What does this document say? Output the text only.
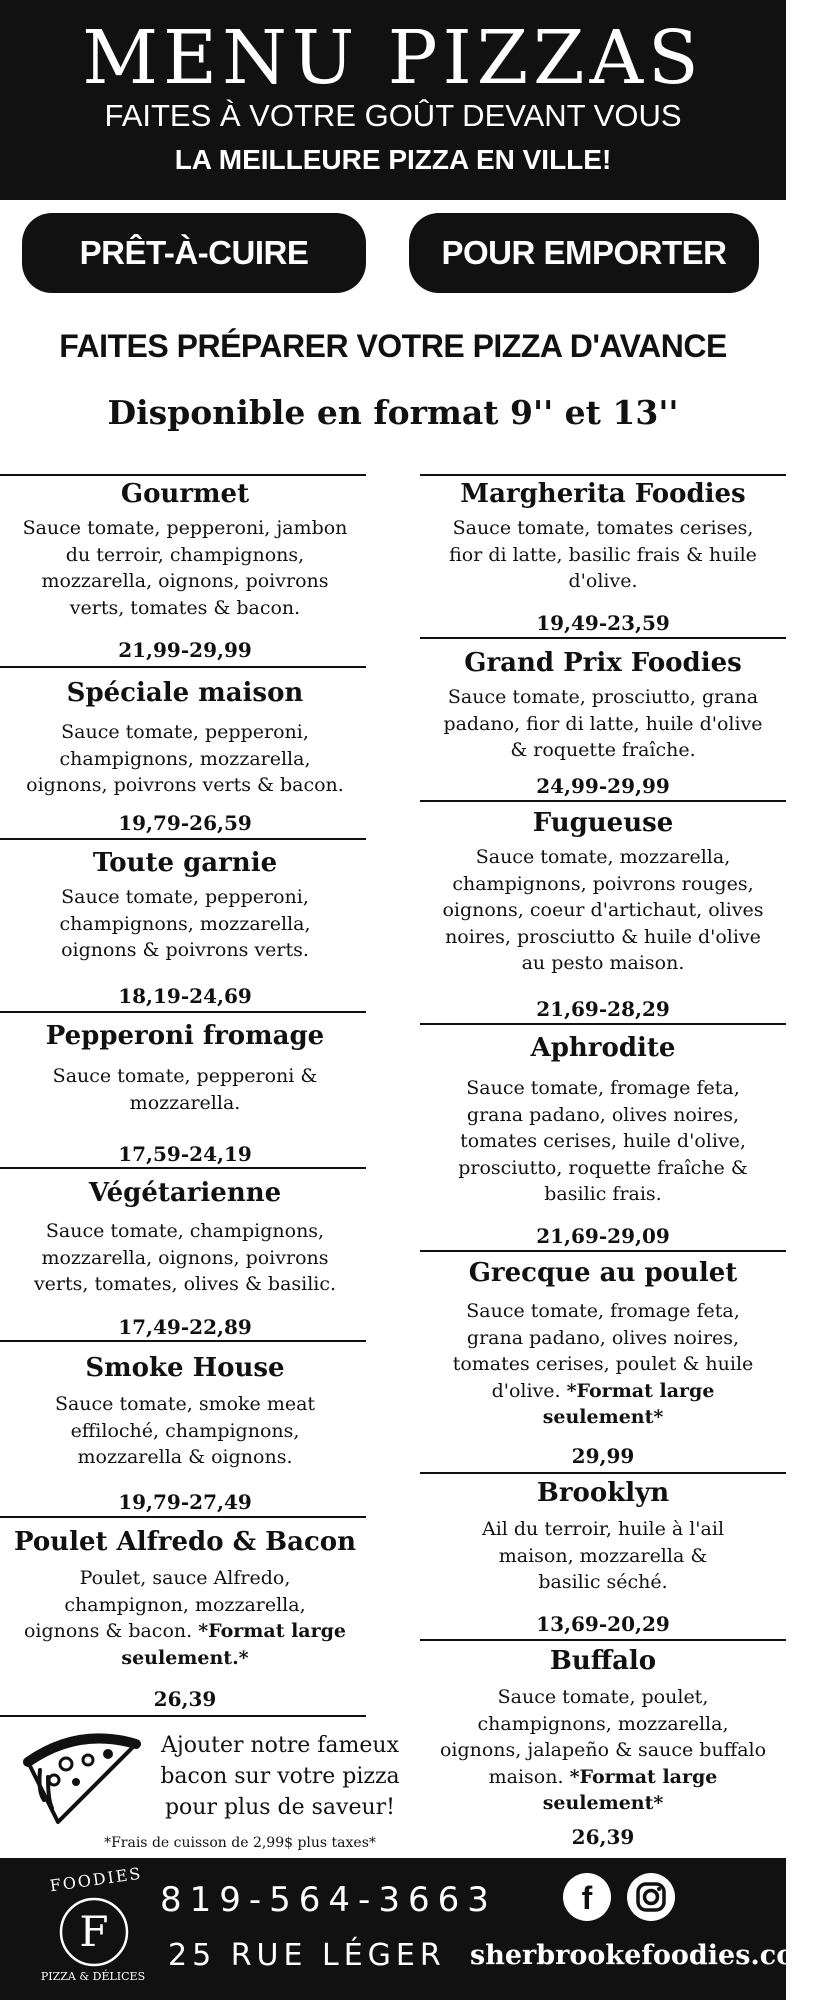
MENU PIZZAS
FAITES À VOTRE GOÛT DEVANT VOUS
LA MEILLEURE PIZZA EN VILLE!
PRÊT-À-CUIRE	POUR EMPORTER
FAITES PRÉPARER VOTRE PIZZA D'AVANCE
Disponible en format 9'' et 13''
Gourmet
Sauce tomate, pepperoni, jambon
du terroir, champignons,
mozzarella, oignons, poivrons
verts, tomates & bacon.
21,99-29,99
Spéciale maison
Sauce tomate, pepperoni,
champignons, mozzarella,
oignons, poivrons verts & bacon.
19,79-26,59
Toute garnie
Sauce tomate, pepperoni,
champignons, mozzarella,
oignons & poivrons verts.
18,19-24,69
Pepperoni fromage
Sauce tomate, pepperoni &
mozzarella.
17,59-24,19
Végétarienne
Sauce tomate, champignons,
mozzarella, oignons, poivrons
verts, tomates, olives & basilic.
17,49-22,89
Smoke House
Sauce tomate, smoke meat
effiloché, champignons,
mozzarella & oignons.
19,79-27,49
Poulet Alfredo & Bacon
Poulet, sauce Alfredo,
champignon, mozzarella,
oignons & bacon. *Format large
seulement.*
26,39
Margherita Foodies
Sauce tomate, tomates cerises,
fior di latte, basilic frais & huile
d'olive.
19,49-23,59
Grand Prix Foodies
Sauce tomate, prosciutto, grana
padano, fior di latte, huile d'olive
& roquette fraîche.
24,99-29,99
Fugueuse
Sauce tomate, mozzarella,
champignons, poivrons rouges,
oignons, coeur d'artichaut, olives
noires, prosciutto & huile d'olive
au pesto maison.
21,69-28,29
Aphrodite
Sauce tomate, fromage feta,
grana padano, olives noires,
tomates cerises, huile d'olive,
prosciutto, roquette fraîche &
basilic frais.
21,69-29,09
Grecque au poulet
Sauce tomate, fromage feta,
grana padano, olives noires,
tomates cerises, poulet & huile
d'olive. *Format large
seulement*
29,99
Brooklyn
Ail du terroir, huile à l'ail
maison, mozzarella &
basilic séché.
13,69-20,29
Buffalo
Sauce tomate, poulet,
champignons, mozzarella,
oignons, jalapeño & sauce buffalo
maison. *Format large
seulement*
26,39
Ajouter notre fameux bacon sur votre pizza pour plus de saveur!
*Frais de cuisson de 2,99$ plus taxes*
FOODIES
F
PIZZA & DÉLICES
819-564-3663
25 RUE LÉGER
f
sherbrookefoodies.com
